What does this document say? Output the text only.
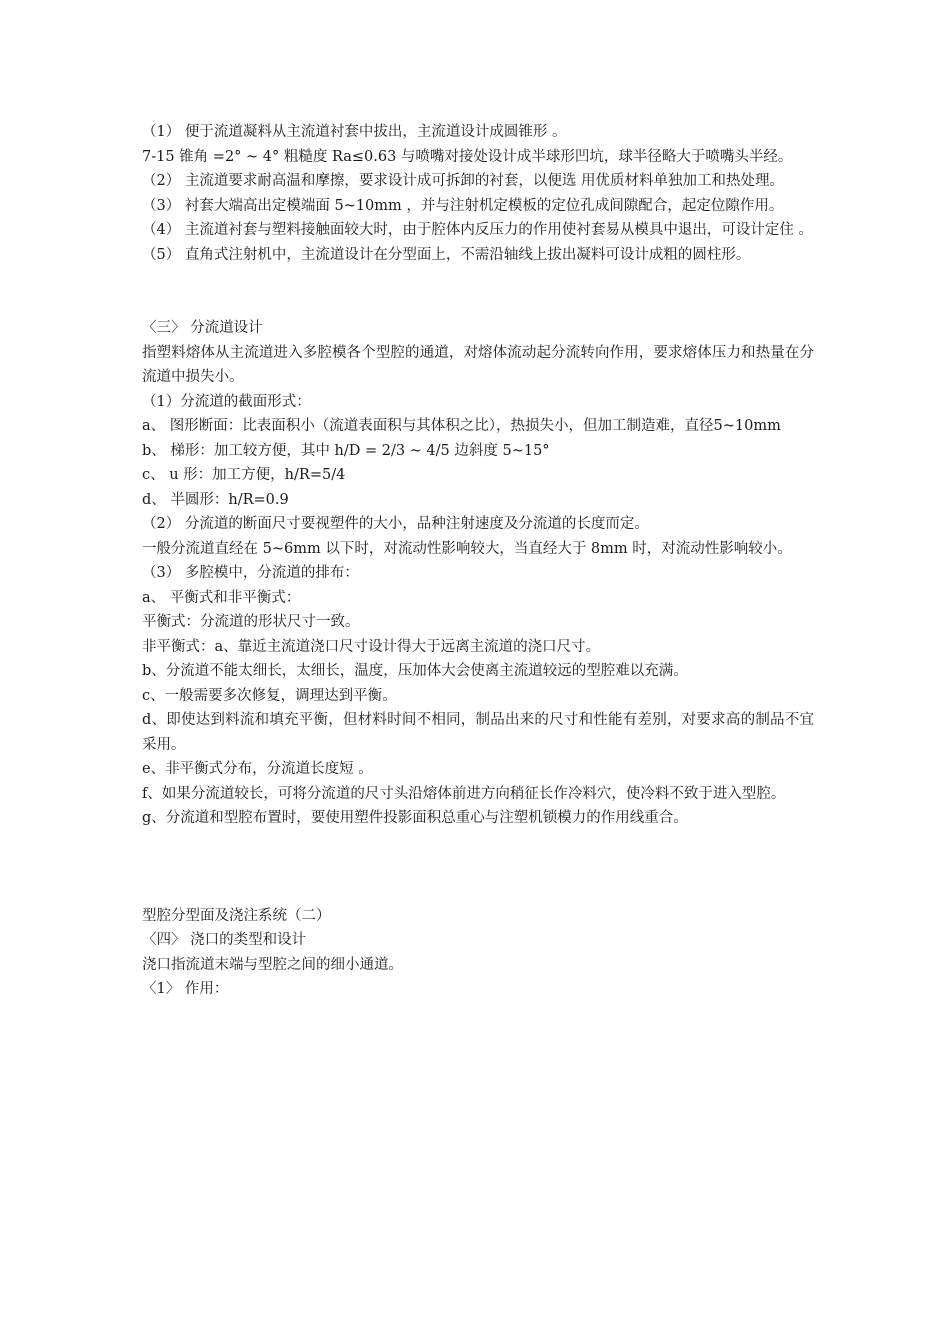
（1） 便于流道凝料从主流道衬套中拔出，主流道设计成圆锥形 。

7-15 锥角 =2° ~ 4° 粗糙度 Ra≤0.63 与喷嘴对接处设计成半球形凹坑，球半径略大于喷嘴头半经。

（2） 主流道要求耐高温和摩擦，要求设计成可拆卸的衬套，以便选 用优质材料单独加工和热处理。

（3） 衬套大端高出定模端面 5~10mm ，并与注射机定模板的定位孔成间隙配合，起定位隙作用。

（4） 主流道衬套与塑料接触面较大时，由于腔体内反压力的作用使衬套易从模具中退出，可设计定住 。

（5） 直角式注射机中，主流道设计在分型面上，不需沿轴线上拔出凝料可设计成粗的圆柱形。

〈三〉 分流道设计

指塑料熔体从主流道进入多腔模各个型腔的通道，对熔体流动起分流转向作用，要求熔体压力和热量在分流道中损失小。

（1）分流道的截面形式：

a、 图形断面：比表面积小（流道表面积与其体积之比），热损失小，但加工制造难，直径5~10mm

b、 梯形：加工较方便，其中 h/D = 2/3 ~ 4/5 边斜度 5~15°

c、 u 形：加工方便，h/R=5/4

d、 半圆形：h/R=0.9

（2） 分流道的断面尺寸要视塑件的大小，品种注射速度及分流道的长度而定。

一般分流道直经在 5~6mm 以下时，对流动性影响较大，当直经大于 8mm 时，对流动性影响较小。

（3） 多腔模中，分流道的排布：

a、 平衡式和非平衡式：

平衡式：分流道的形状尺寸一致。

非平衡式：a、靠近主流道浇口尺寸设计得大于远离主流道的浇口尺寸。

b、分流道不能太细长，太细长，温度，压加体大会使离主流道较远的型腔难以充满。

c、一般需要多次修复，调理达到平衡。

d、即使达到料流和填充平衡，但材料时间不相同，制品出来的尺寸和性能有差别，对要求高的制品不宜采用。

e、非平衡式分布，分流道长度短 。

f、如果分流道较长，可将分流道的尺寸头沿熔体前进方向稍征长作冷料穴，使冷料不致于进入型腔。

g、分流道和型腔布置时，要使用塑件投影面积总重心与注塑机锁模力的作用线重合。

型腔分型面及浇注系统（二）

〈四〉 浇口的类型和设计

浇口指流道末端与型腔之间的细小通道。

〈1〉 作用：
